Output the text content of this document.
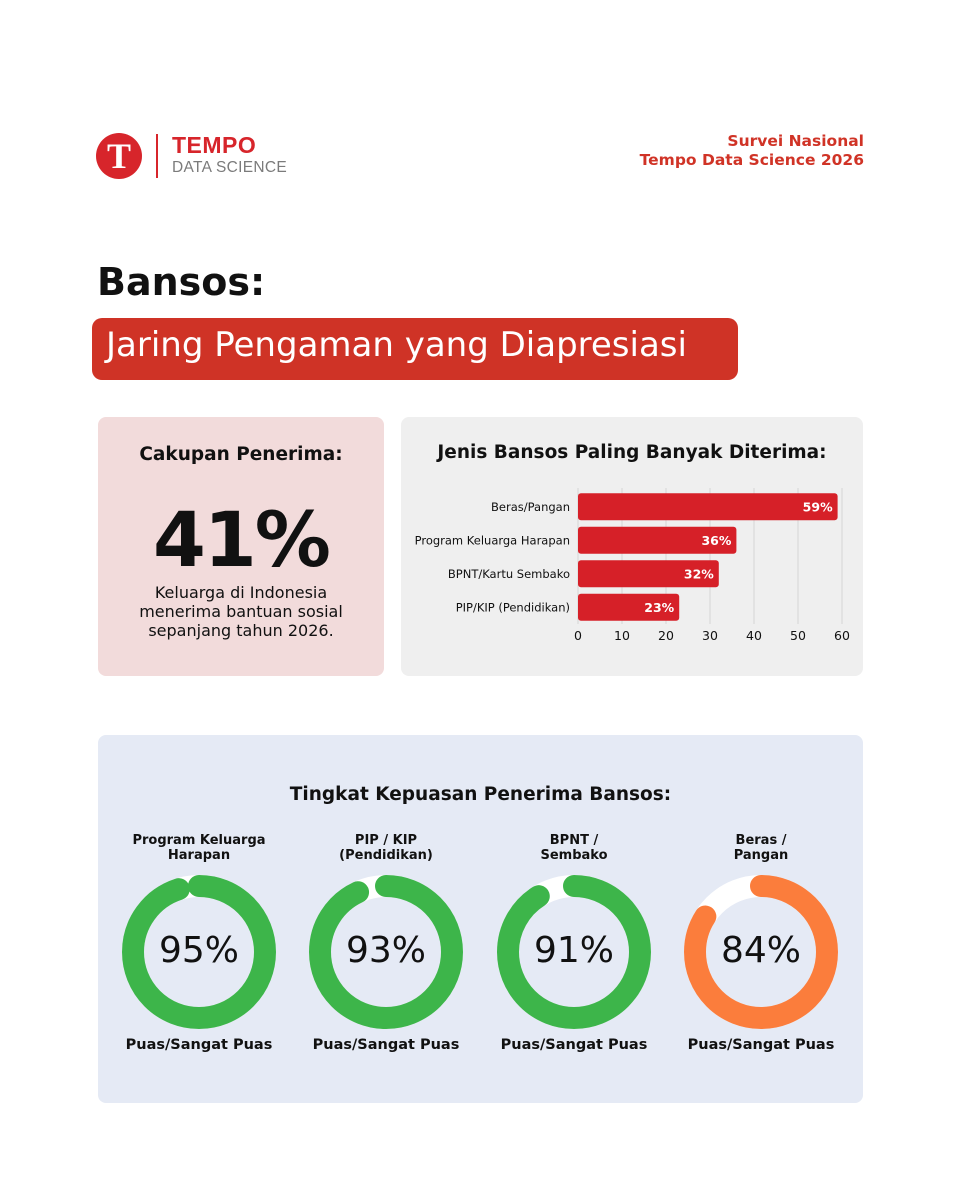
T	TEMPO
DATA SCIENCE
Survei Nasional
Tempo Data Science 2026
Bansos:
Jaring Pengaman yang Diapresiasi
Cakupan Penerima:
41%
Keluarga di Indonesia menerima bantuan sosial sepanjang tahun 2026.
Jenis Bansos Paling Banyak Diterima:
0	10 20 30 40 50 60
Beras/Pangan	59%
Program Keluarga Harapan	36%
BPNT/Kartu Sembako	32%
PIP/KIP (Pendidikan)	23%
Tingkat Kepuasan Penerima Bansos:
Program Keluarga
Harapan
95%
Puas/Sangat Puas
PIP / KIP
(Pendidikan)
93%
Puas/Sangat Puas
BPNT /
Sembako
91%
Puas/Sangat Puas
Beras /
Pangan
84%
Puas/Sangat Puas
